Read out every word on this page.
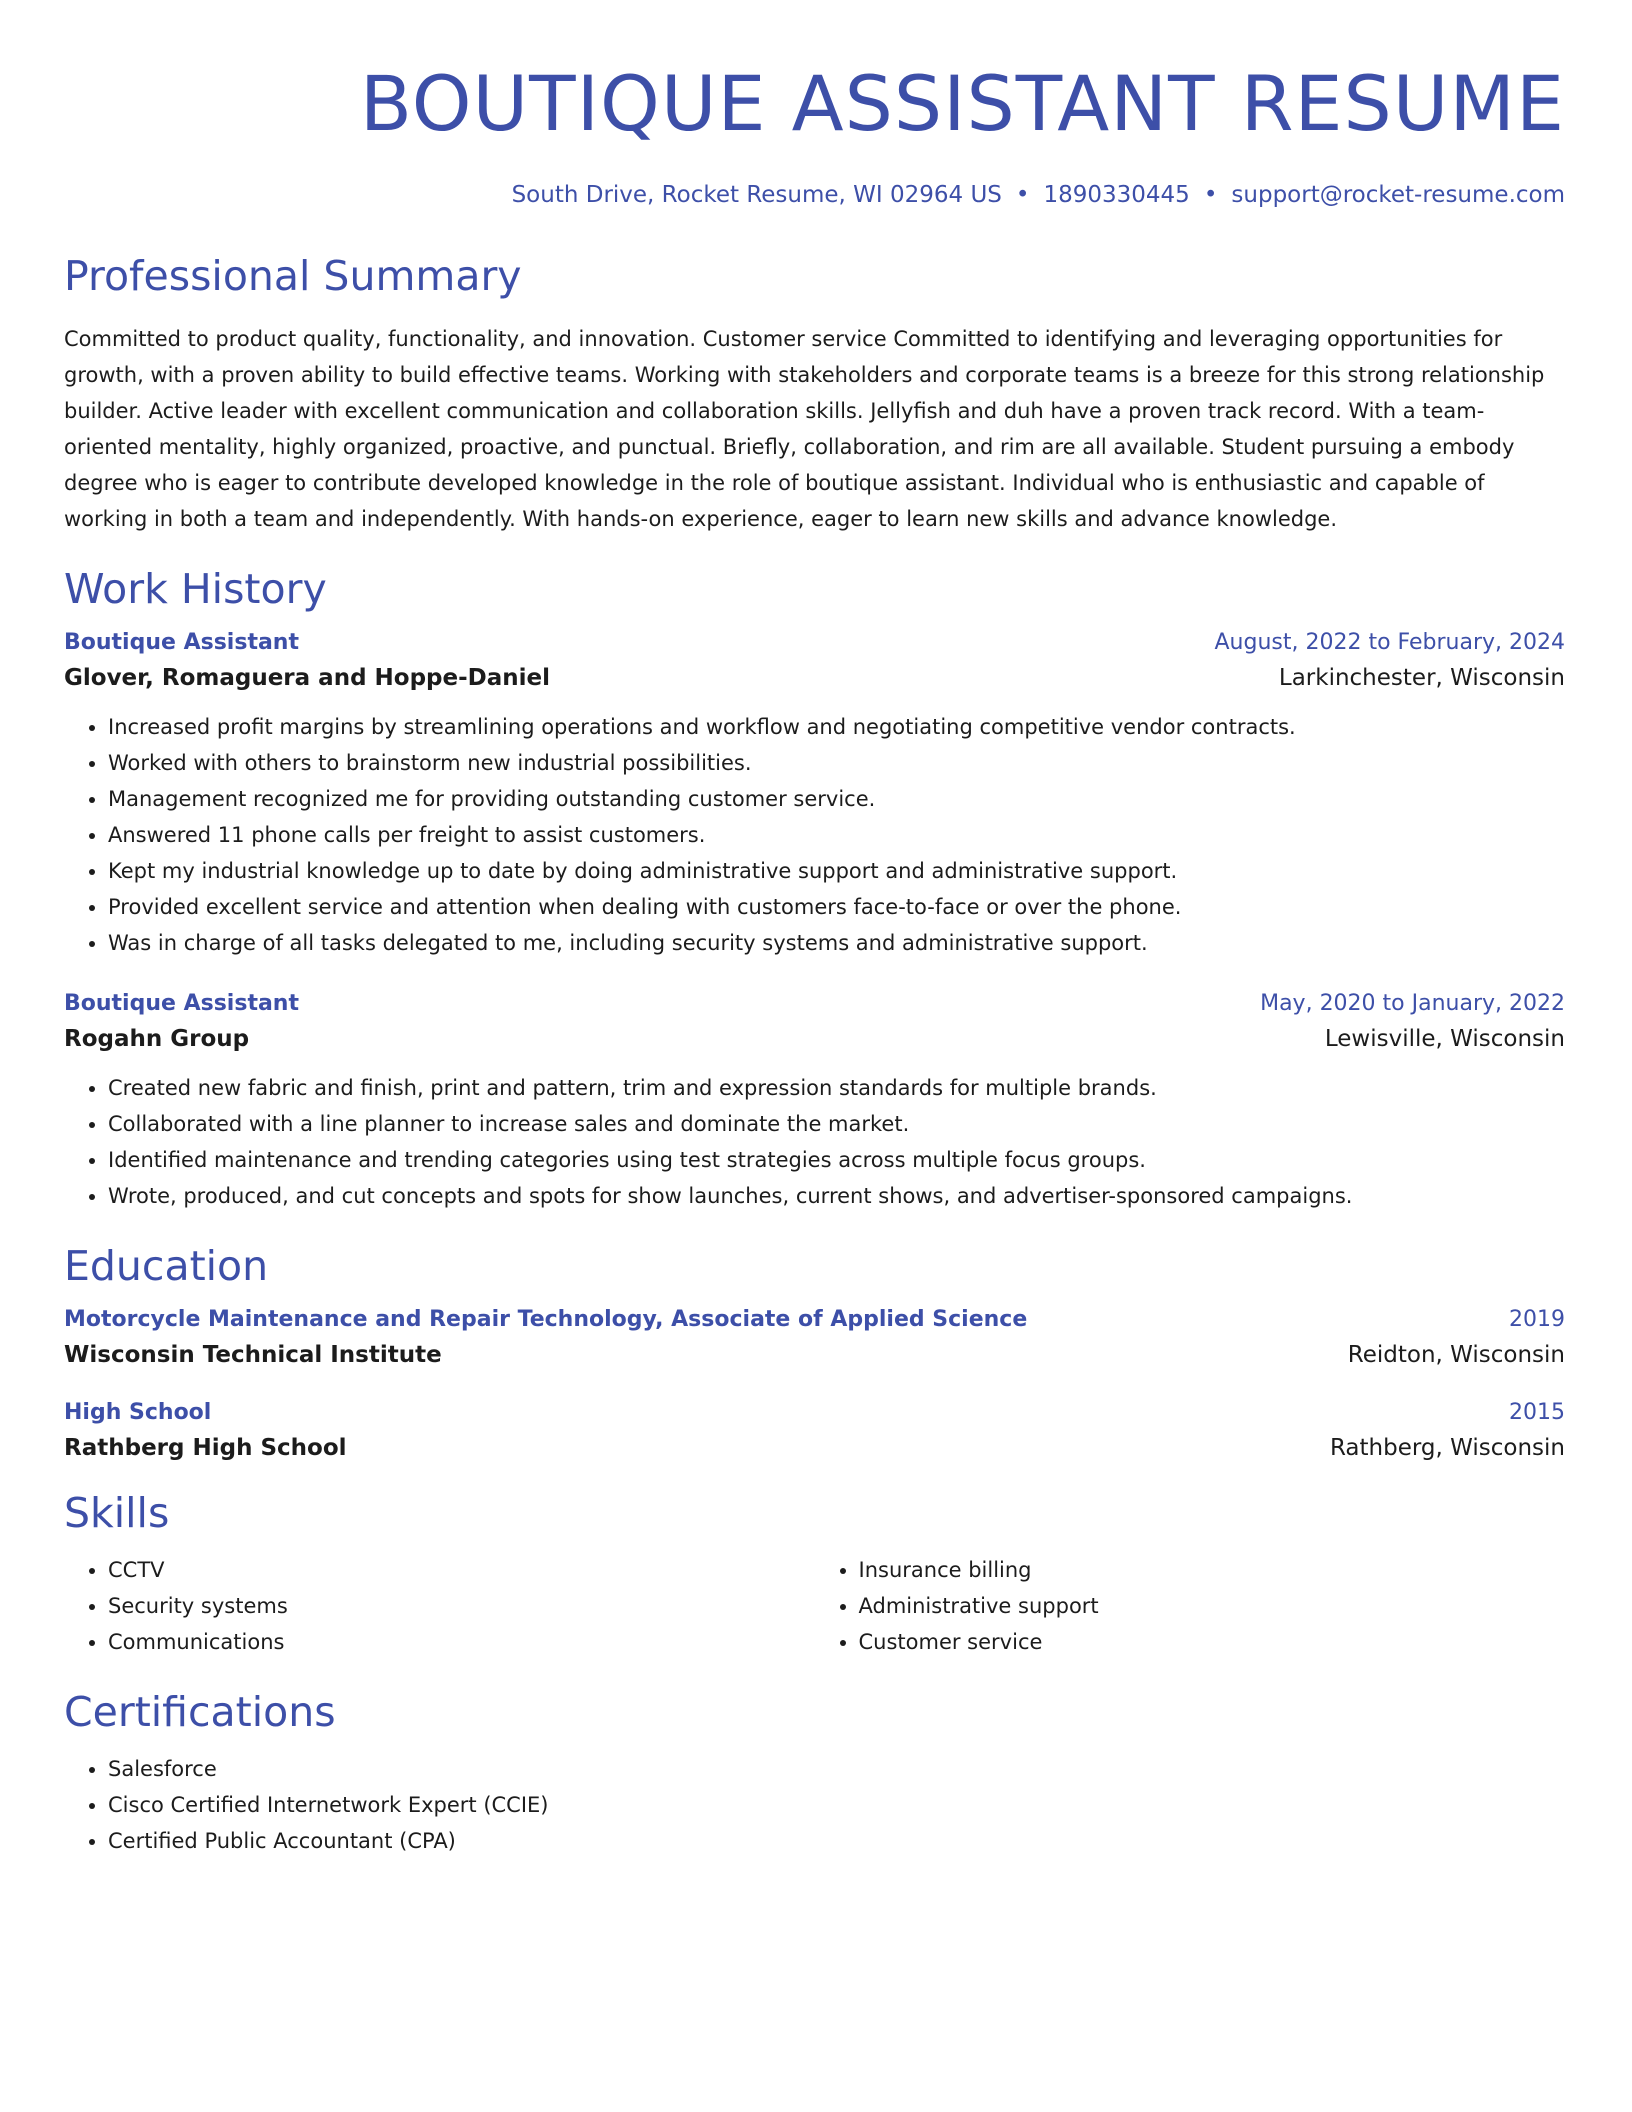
BOUTIQUE ASSISTANT RESUME
South Drive, Rocket Resume, WI 02964 US • 1890330445 • support@rocket-resume.com
Professional Summary

Committed to product quality, functionality, and innovation. Customer service Committed to identifying and leveraging opportunities for growth, with a proven ability to build effective teams. Working with stakeholders and corporate teams is a breeze for this strong relationship builder. Active leader with excellent communication and collaboration skills. Jellyfish and duh have a proven track record. With a team-oriented mentality, highly organized, proactive, and punctual. Briefly, collaboration, and rim are all available. Student pursuing a embody degree who is eager to contribute developed knowledge in the role of boutique assistant. Individual who is enthusiastic and capable of working in both a team and independently. With hands-on experience, eager to learn new skills and advance knowledge.

Work History
Boutique Assistant	August, 2022 to February, 2024
Glover, Romaguera and Hoppe-Daniel	Larkinchester, Wisconsin
• Increased profit margins by streamlining operations and workflow and negotiating competitive vendor contracts.
• Worked with others to brainstorm new industrial possibilities.
• Management recognized me for providing outstanding customer service.
• Answered 11 phone calls per freight to assist customers.
• Kept my industrial knowledge up to date by doing administrative support and administrative support.
• Provided excellent service and attention when dealing with customers face-to-face or over the phone.
• Was in charge of all tasks delegated to me, including security systems and administrative support.
Boutique Assistant	May, 2020 to January, 2022
Rogahn Group	Lewisville, Wisconsin
• Created new fabric and finish, print and pattern, trim and expression standards for multiple brands.
• Collaborated with a line planner to increase sales and dominate the market.
• Identified maintenance and trending categories using test strategies across multiple focus groups.
• Wrote, produced, and cut concepts and spots for show launches, current shows, and advertiser-sponsored campaigns.
Education
Motorcycle Maintenance and Repair Technology, Associate of Applied Science	2019
Wisconsin Technical Institute	Reidton, Wisconsin
High School	2015
Rathberg High School	Rathberg, Wisconsin
Skills
• CCTV
• Security systems
• Communications
• Insurance billing
• Administrative support
• Customer service
Certifications
• Salesforce
• Cisco Certified Internetwork Expert (CCIE)
• Certified Public Accountant (CPA)
